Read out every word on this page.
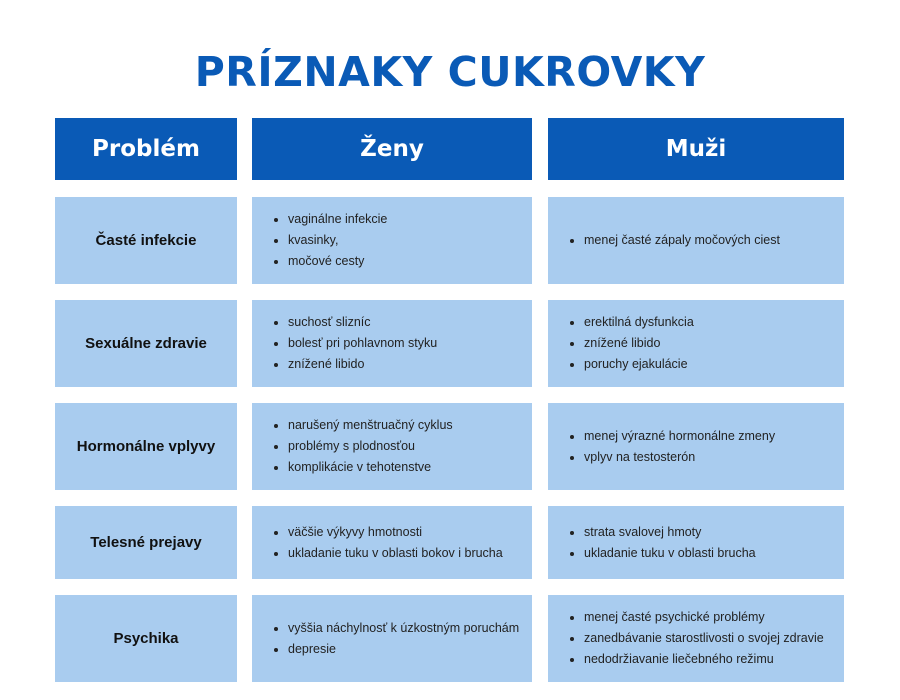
PRÍZNAKY CUKROVKY
Problém	Ženy	Muži
Časté infekcie
vaginálne infekcie
kvasinky,
močové cesty
menej časté zápaly močových ciest
Sexuálne zdravie
suchosť slizníc
bolesť pri pohlavnom styku
znížené libido
erektilná dysfunkcia
znížené libido
poruchy ejakulácie
Hormonálne vplyvy
narušený menštruačný cyklus
problémy s plodnosťou
komplikácie v tehotenstve
menej výrazné hormonálne zmeny
vplyv na testosterón
Telesné prejavy
väčšie výkyvy hmotnosti
ukladanie tuku v oblasti bokov i brucha
strata svalovej hmoty
ukladanie tuku v oblasti brucha
Psychika
vyššia náchylnosť k úzkostným poruchám
depresie
menej časté psychické problémy
zanedbávanie starostlivosti o svojej zdravie
nedodržiavanie liečebného režimu
